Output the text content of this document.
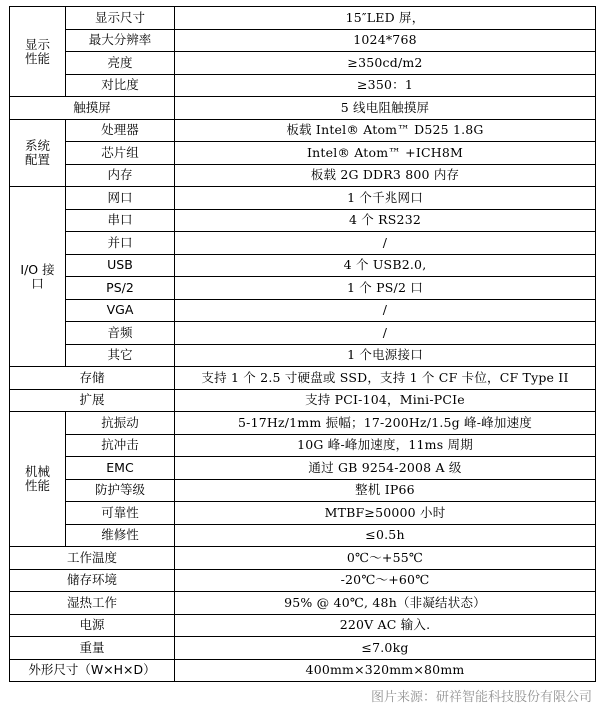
显示
性能	显示尺寸	15″LED 屏，
	最大分辨率	1024*768
	亮度	≥350cd/m2
	对比度	≥350：1
触摸屏		5 线电阻触摸屏
系统
配置	处理器	板载 Intel® Atom™ D525 1.8G
	芯片组	Intel® Atom™ +ICH8M
	内存	板载 2G DDR3 800 内存
I/O 接
口	网口	1 个千兆网口
	串口	4 个 RS232
	并口	/
	USB	4 个 USB2.0,
	PS/2	1 个 PS/2 口
	VGA	/
	音频	/
	其它	1 个电源接口
存储		支持 1 个 2.5 寸硬盘或 SSD，支持 1 个 CF 卡位，CF Type II
扩展		支持 PCI-104，Mini-PCIe
机械
性能	抗振动	5-17Hz/1mm 振幅；17-200Hz/1.5g 峰-峰加速度
	抗冲击	10G 峰-峰加速度，11ms 周期
	EMC	通过 GB 9254-2008 A 级
	防护等级	整机 IP66
	可靠性	MTBF≥50000 小时
	维修性	≤0.5h
工作温度		0℃～+55℃
储存环境		-20℃～+60℃
湿热工作		95% @ 40℃, 48h（非凝结状态）
电源		220V AC 输入.
重量		≤7.0kg
外形尺寸（W×H×D）		400mm×320mm×80mm
图片来源：研祥智能科技股份有限公司
